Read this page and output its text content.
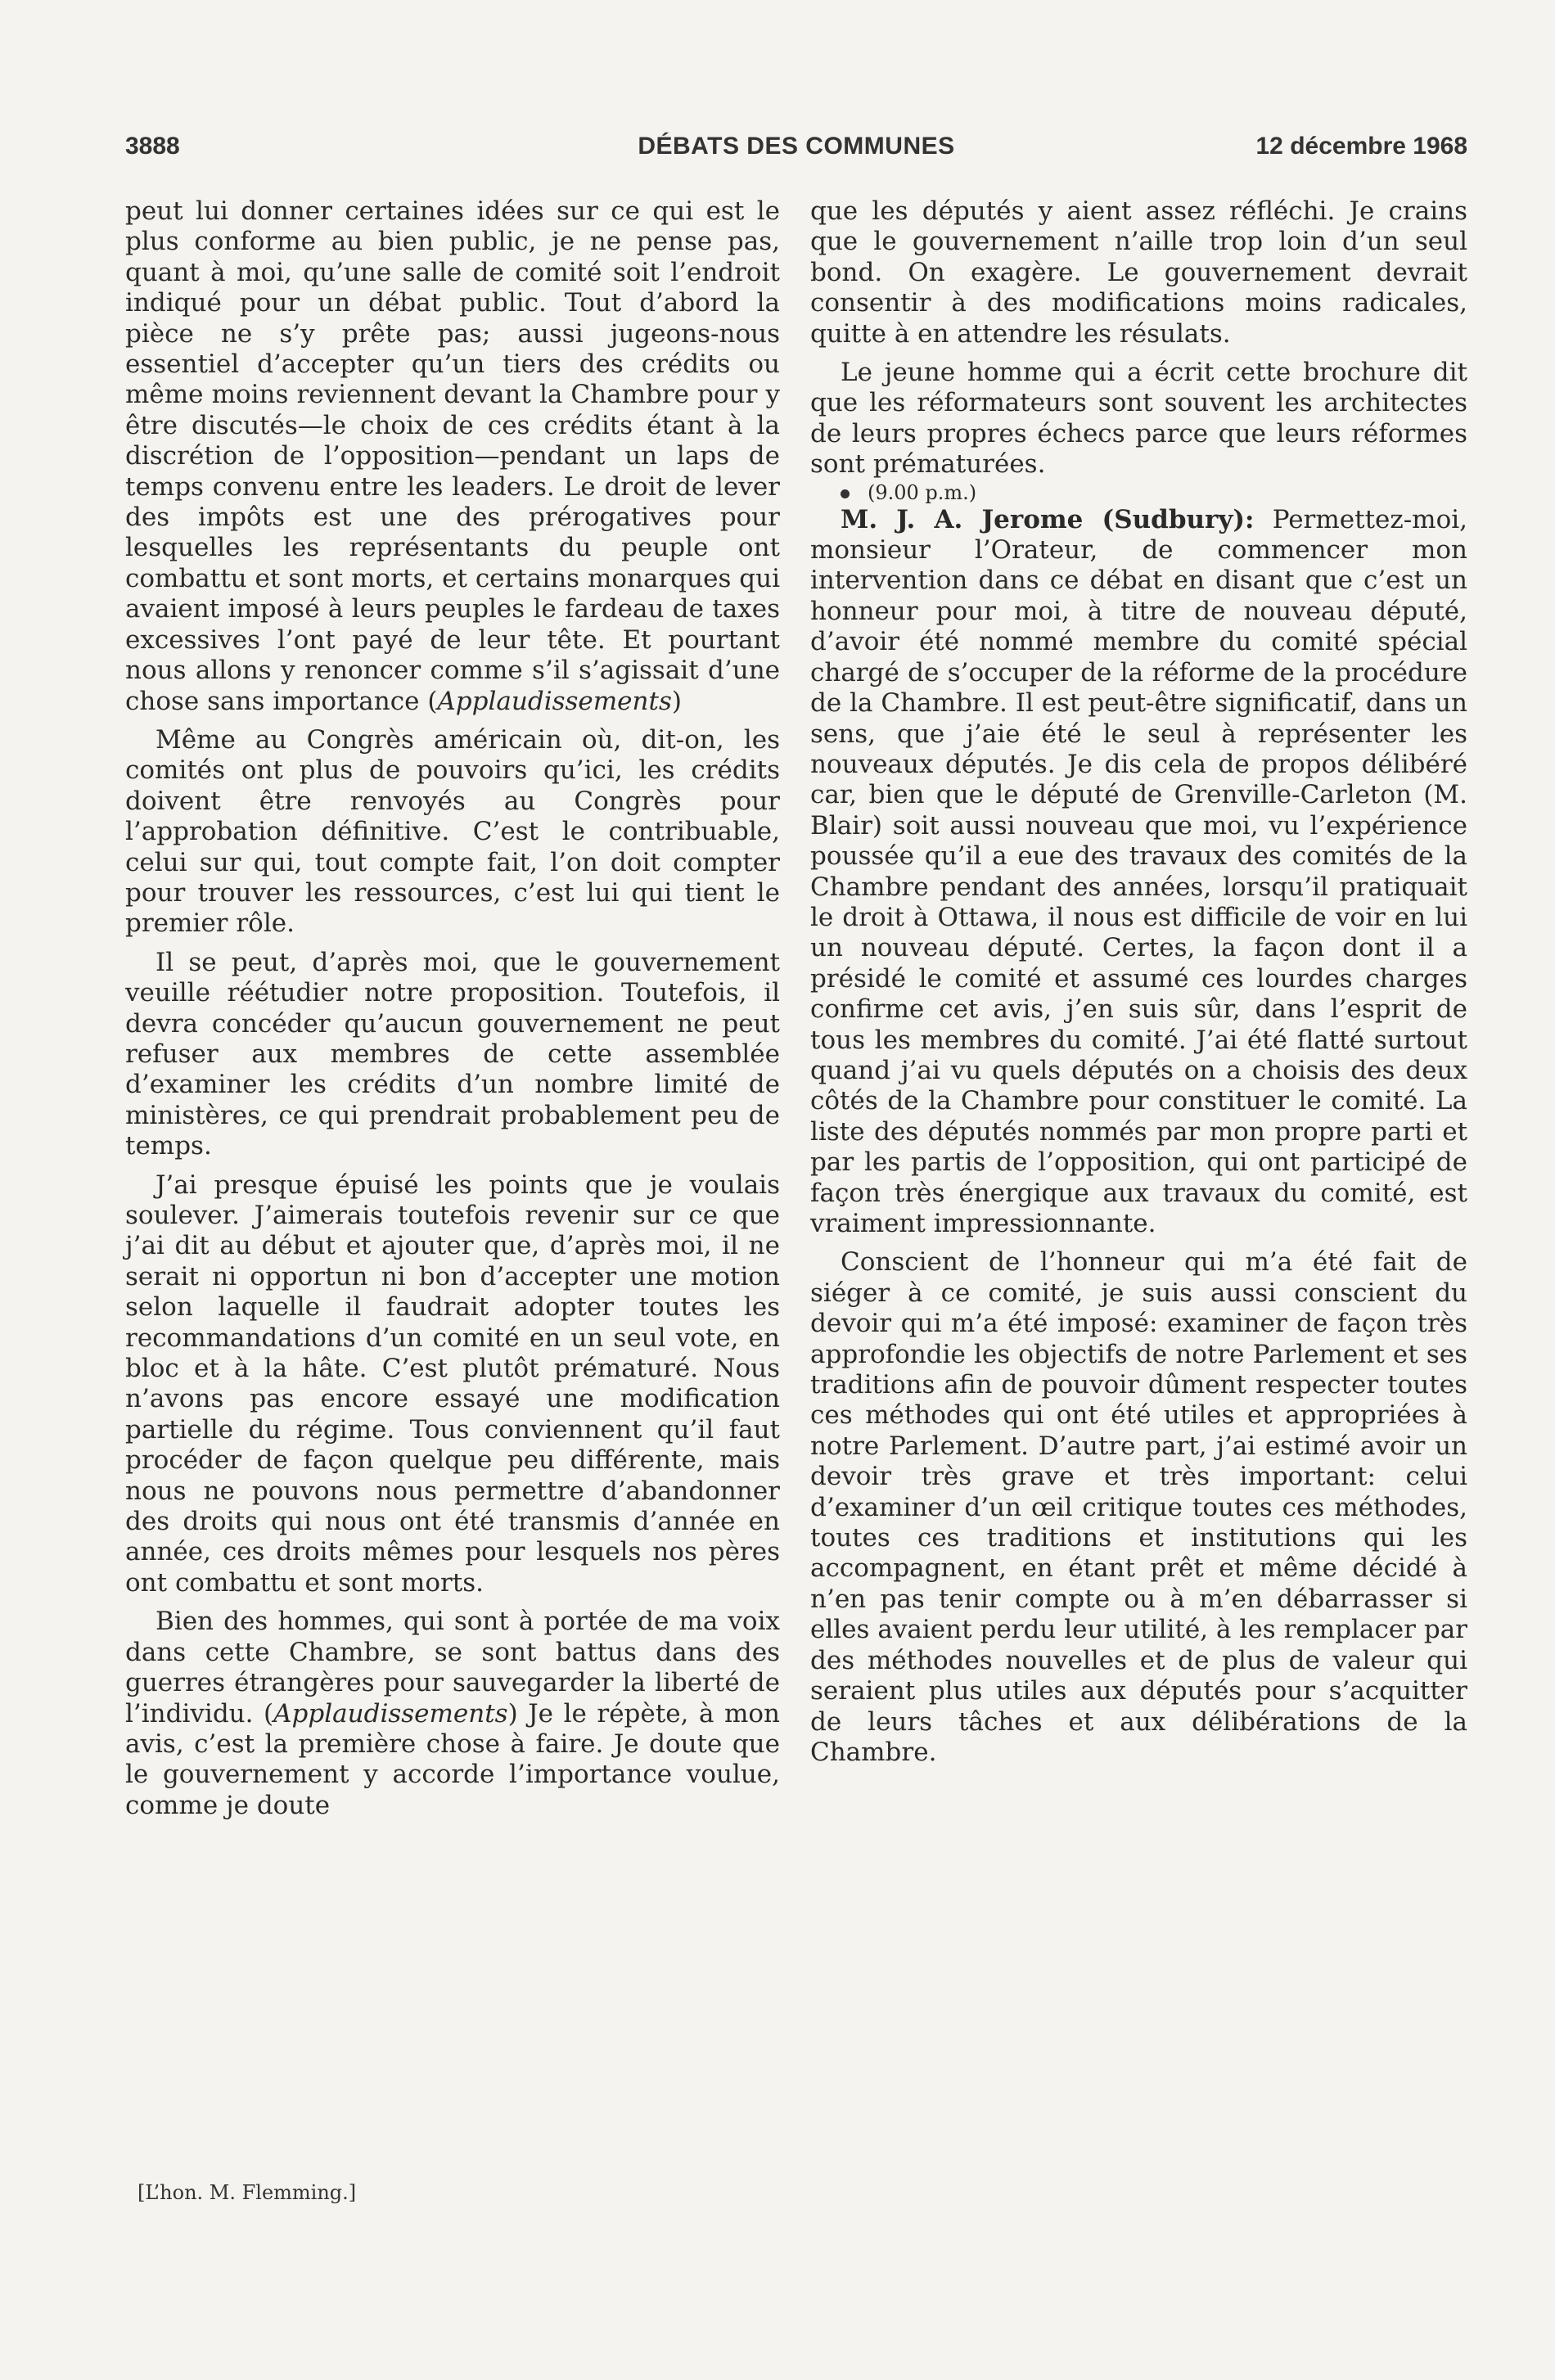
3888	DÉBATS DES COMMUNES	12 décembre 1968

peut lui donner certaines idées sur ce qui est le plus conforme au bien public, je ne pense pas, quant à moi, qu’une salle de comité soit l’endroit indiqué pour un débat public. Tout d’abord la pièce ne s’y prête pas; aussi jugeons-nous essentiel d’accepter qu’un tiers des crédits ou même moins reviennent devant la Chambre pour y être discutés—le choix de ces crédits étant à la discrétion de l’opposition—pendant un laps de temps convenu entre les leaders. Le droit de lever des impôts est une des prérogatives pour lesquelles les représentants du peuple ont combattu et sont morts, et certains monarques qui avaient imposé à leurs peuples le fardeau de taxes excessives l’ont payé de leur tête. Et pourtant nous allons y renoncer comme s’il s’agissait d’une chose sans importance (Applaudissements)

Même au Congrès américain où, dit-on, les comités ont plus de pouvoirs qu’ici, les crédits doivent être renvoyés au Congrès pour l’approbation définitive. C’est le contribuable, celui sur qui, tout compte fait, l’on doit compter pour trouver les ressources, c’est lui qui tient le premier rôle.

Il se peut, d’après moi, que le gouvernement veuille réétudier notre proposition. Toutefois, il devra concéder qu’aucun gouvernement ne peut refuser aux membres de cette assemblée d’examiner les crédits d’un nombre limité de ministères, ce qui prendrait probablement peu de temps.

J’ai presque épuisé les points que je voulais soulever. J’aimerais toutefois revenir sur ce que j’ai dit au début et ajouter que, d’après moi, il ne serait ni opportun ni bon d’accepter une motion selon laquelle il faudrait adopter toutes les recommandations d’un comité en un seul vote, en bloc et à la hâte. C’est plutôt prématuré. Nous n’avons pas encore essayé une modification partielle du régime. Tous conviennent qu’il faut procéder de façon quelque peu différente, mais nous ne pouvons nous permettre d’abandonner des droits qui nous ont été transmis d’année en année, ces droits mêmes pour lesquels nos pères ont combattu et sont morts.

Bien des hommes, qui sont à portée de ma voix dans cette Chambre, se sont battus dans des guerres étrangères pour sauvegarder la liberté de l’individu. (Applaudissements) Je le répète, à mon avis, c’est la première chose à faire. Je doute que le gouvernement y accorde l’importance voulue, comme je doute

que les députés y aient assez réfléchi. Je crains que le gouvernement n’aille trop loin d’un seul bond. On exagère. Le gouvernement devrait consentir à des modifications moins radicales, quitte à en attendre les résulats.

Le jeune homme qui a écrit cette brochure dit que les réformateurs sont souvent les architectes de leurs propres échecs parce que leurs réformes sont prématurées.

(9.00 p.m.)

M. J. A. Jerome (Sudbury): Permettez-moi, monsieur l’Orateur, de commencer mon intervention dans ce débat en disant que c’est un honneur pour moi, à titre de nouveau député, d’avoir été nommé membre du comité spécial chargé de s’occuper de la réforme de la procédure de la Chambre. Il est peut-être significatif, dans un sens, que j’aie été le seul à représenter les nouveaux députés. Je dis cela de propos délibéré car, bien que le député de Grenville-Carleton (M. Blair) soit aussi nouveau que moi, vu l’expérience poussée qu’il a eue des travaux des comités de la Chambre pendant des années, lorsqu’il pratiquait le droit à Ottawa, il nous est difficile de voir en lui un nouveau député. Certes, la façon dont il a présidé le comité et assumé ces lourdes charges confirme cet avis, j’en suis sûr, dans l’esprit de tous les membres du comité. J’ai été flatté surtout quand j’ai vu quels députés on a choisis des deux côtés de la Chambre pour constituer le comité. La liste des députés nommés par mon propre parti et par les partis de l’opposition, qui ont participé de façon très énergique aux travaux du comité, est vraiment impressionnante.

Conscient de l’honneur qui m’a été fait de siéger à ce comité, je suis aussi conscient du devoir qui m’a été imposé: examiner de façon très approfondie les objectifs de notre Parlement et ses traditions afin de pouvoir dûment respecter toutes ces méthodes qui ont été utiles et appropriées à notre Parlement. D’autre part, j’ai estimé avoir un devoir très grave et très important: celui d’examiner d’un œil critique toutes ces méthodes, toutes ces traditions et institutions qui les accompagnent, en étant prêt et même décidé à n’en pas tenir compte ou à m’en débarrasser si elles avaient perdu leur utilité, à les remplacer par des méthodes nouvelles et de plus de valeur qui seraient plus utiles aux députés pour s’acquitter de leurs tâches et aux délibérations de la Chambre.

[L’hon. M. Flemming.]
